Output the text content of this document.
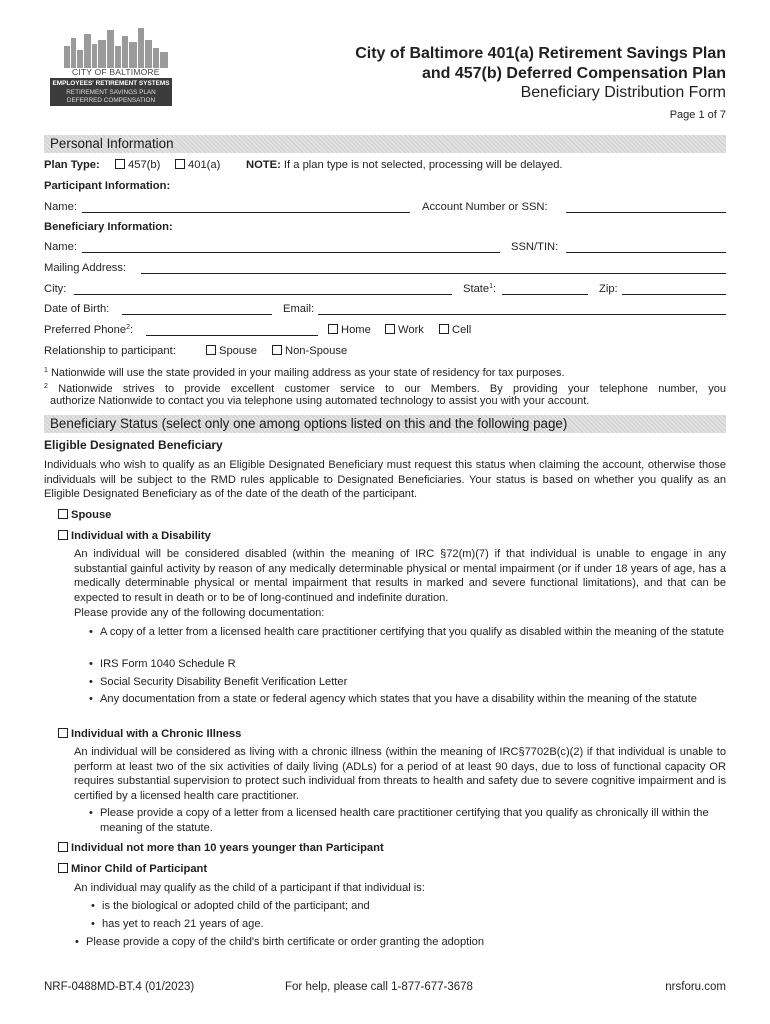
CITY OF BALTIMORE
EMPLOYEES' RETIREMENT SYSTEMS
RETIREMENT SAVINGS PLAN
DEFERRED COMPENSATION
City of Baltimore 401(a) Retirement Savings Plan
and 457(b) Deferred Compensation Plan
Beneficiary Distribution Form
Page 1 of 7
Personal Information
Plan Type:	457(b)	401(a) NOTE: If a plan type is not selected, processing will be delayed.
Participant Information:
Name:	Account Number or SSN:
Beneficiary Information:
Name:	SSN/TIN:
Mailing Address:
City:	State$^1$:	Zip:
Date of Birth:	Email:
Preferred Phone$^2$:	Home	Work	Cell
Relationship to participant:	Spouse	Non-Spouse
$^1$ Nationwide will use the state provided in your mailing address as your state of residency for tax purposes.
$^2$ Nationwide strives to provide excellent customer service to our Members. By providing your telephone number, you
authorize Nationwide to contact you via telephone using automated technology to assist you with your account.
Beneficiary Status (select only one among options listed on this and the following page)
Eligible Designated Beneficiary
Individuals who wish to qualify as an Eligible Designated Beneficiary must request this status when claiming the account, otherwise those individuals will be subject to the RMD rules applicable to Designated Beneficiaries. Your status is based on whether you qualify as an Eligible Designated Beneficiary as of the date of the death of the participant.
Spouse
Individual with a Disability
An individual will be considered disabled (within the meaning of IRC §72(m)(7) if that individual is unable to engage in any substantial gainful activity by reason of any medically determinable physical or mental impairment (or if under 18 years of age, has a medically determinable physical or mental impairment that results in marked and severe functional limitations), and that can be expected to result in death or to be of long-continued and indefinite duration.
Please provide any of the following documentation:
• A copy of a letter from a licensed health care practitioner certifying that you qualify as disabled within the meaning of the statute
• IRS Form 1040 Schedule R
• Social Security Disability Benefit Verification Letter
• Any documentation from a state or federal agency which states that you have a disability within the meaning of the statute
Individual with a Chronic Illness
An individual will be considered as living with a chronic illness (within the meaning of IRC§7702B(c)(2) if that individual is unable to perform at least two of the six activities of daily living (ADLs) for a period of at least 90 days, due to loss of functional capacity OR requires substantial supervision to protect such individual from threats to health and safety due to severe cognitive impairment and is certified by a licensed health care practitioner.
• Please provide a copy of a letter from a licensed health care practitioner certifying that you qualify as chronically ill within the meaning of the statute.
Individual not more than 10 years younger than Participant
Minor Child of Participant
An individual may qualify as the child of a participant if that individual is:
• is the biological or adopted child of the participant; and
• has yet to reach 21 years of age.
• Please provide a copy of the child's birth certificate or order granting the adoption
NRF-0488MD-BT.4 (01/2023)	For help, please call 1-877-677-3678	nrsforu.com
